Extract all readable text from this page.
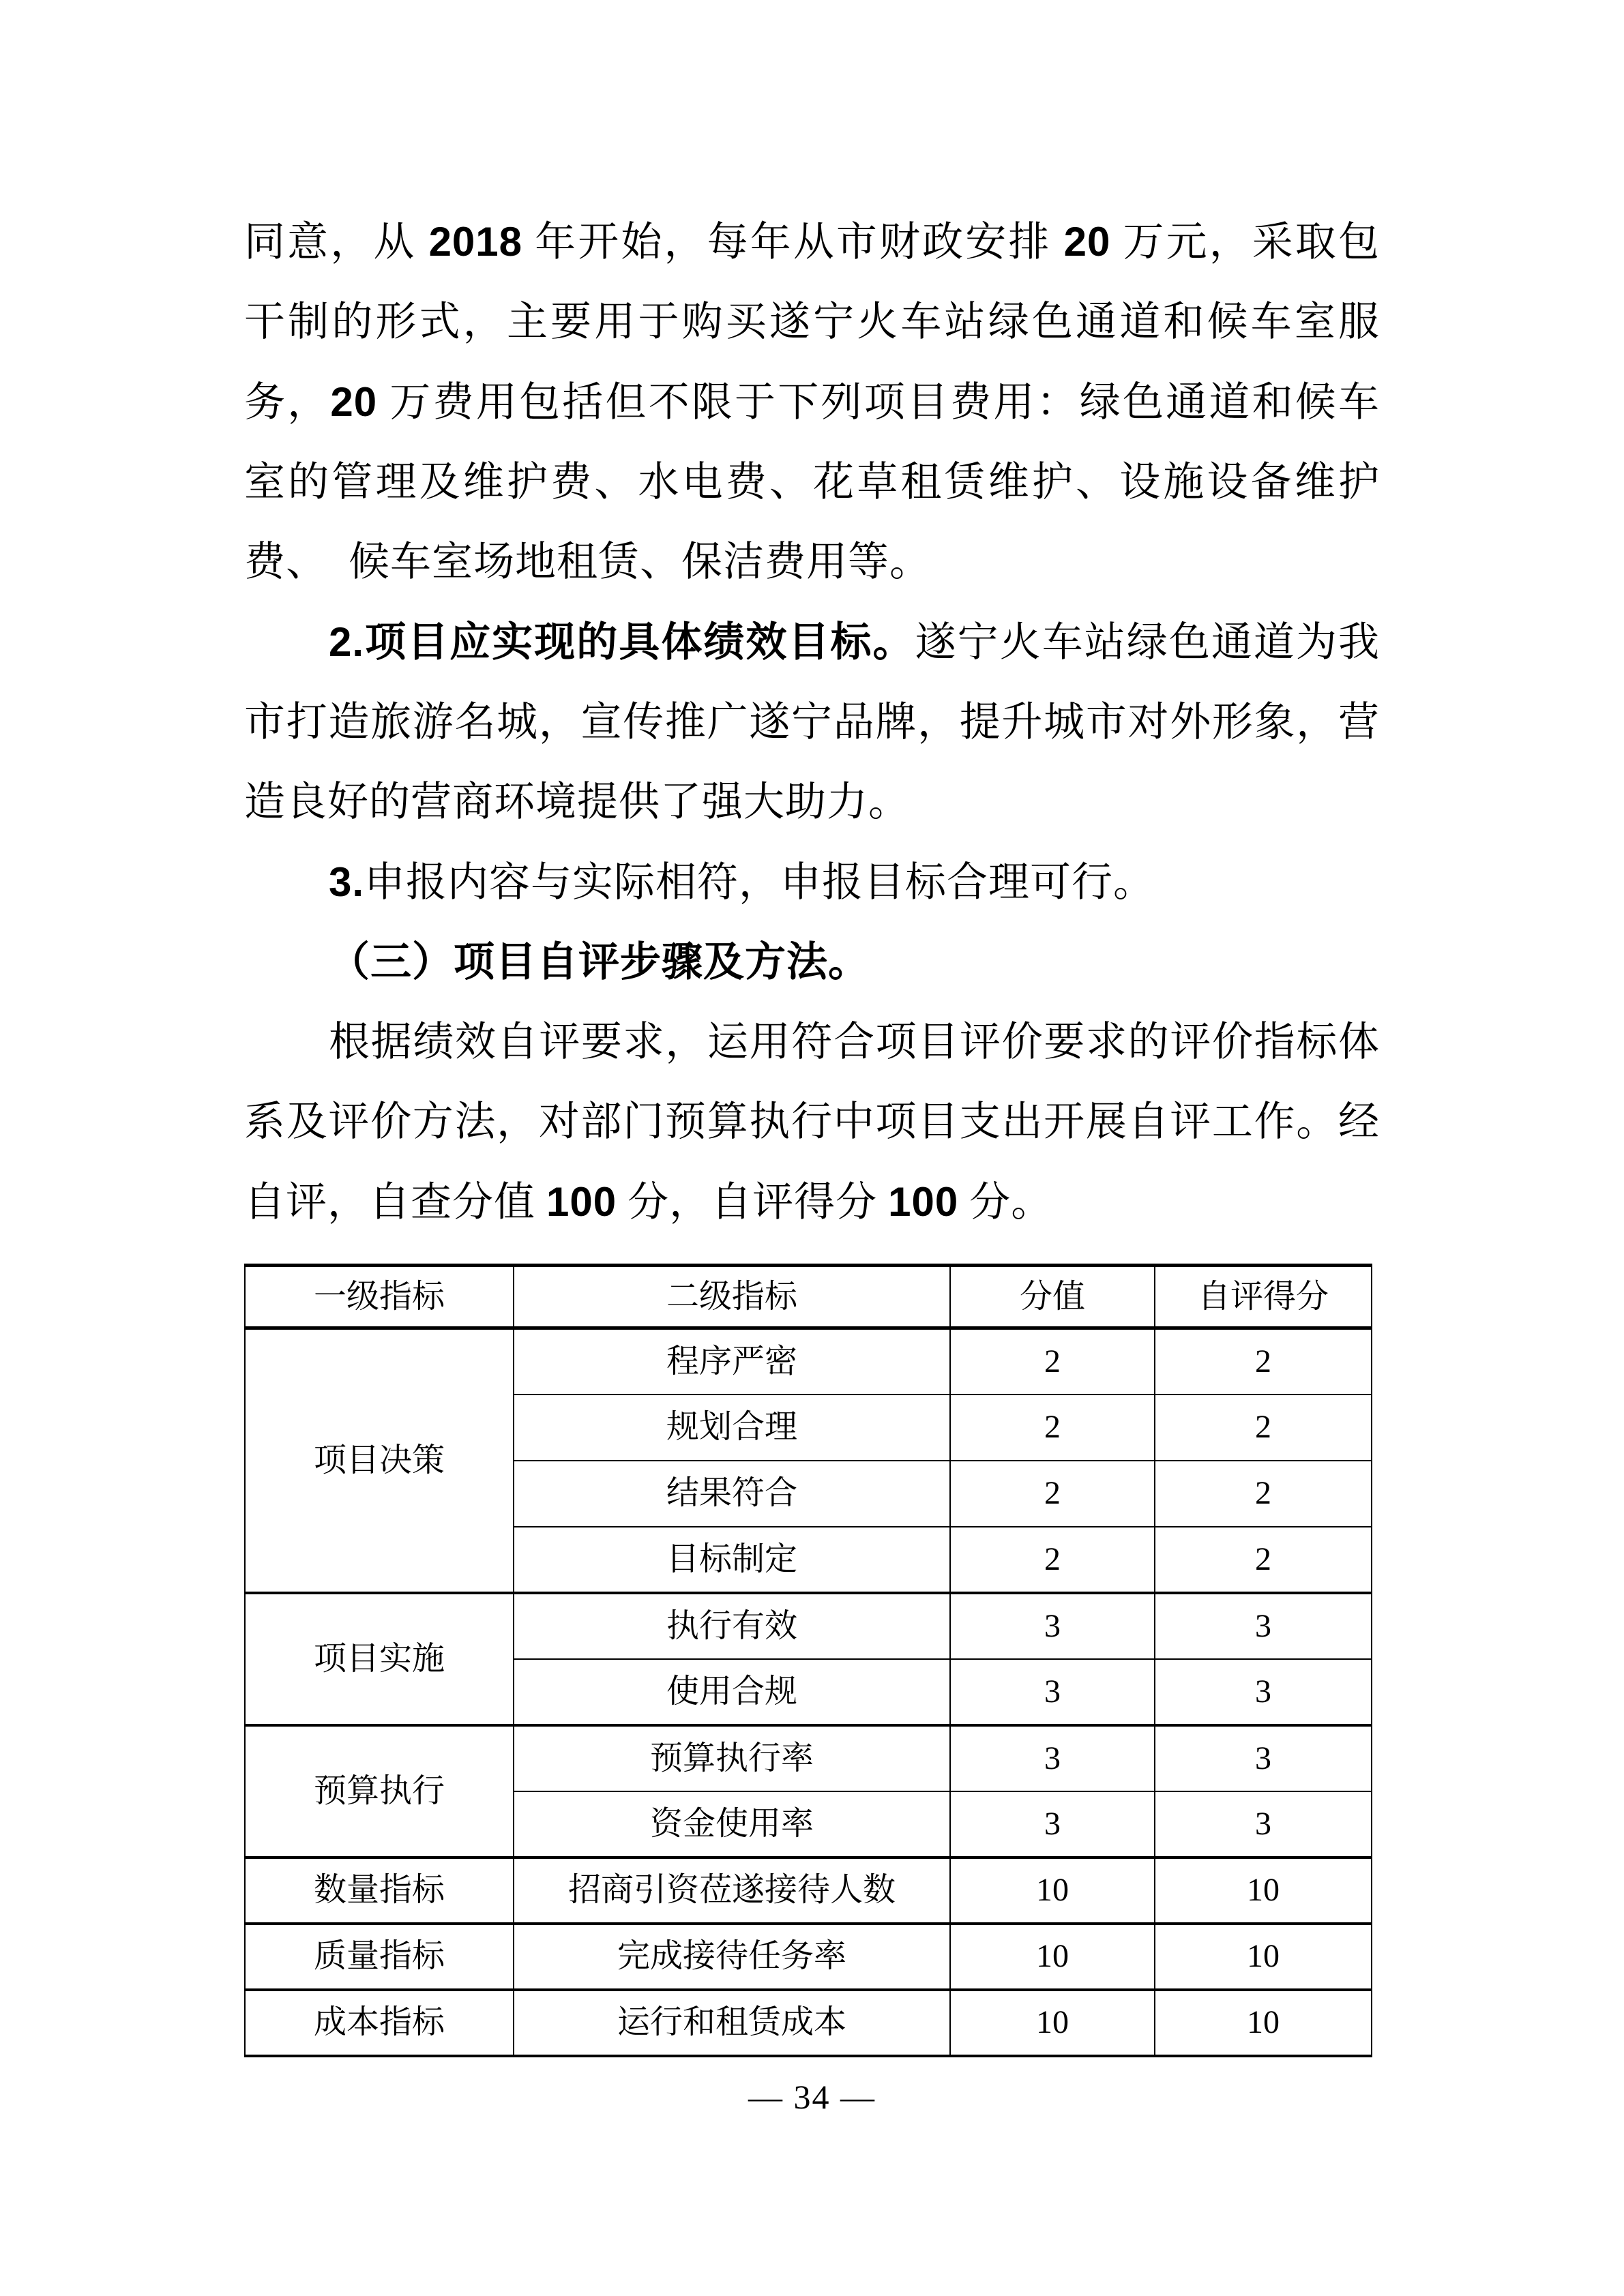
同意，从 2018 年开始，每年从市财政安排 20 万元，采取包干制的形式，主要用于购买遂宁火车站绿色通道和候车室服务，20 万费用包括但不限于下列项目费用：绿色通道和候车室的管理及维护费、水电费、花草租赁维护、设施设备维护费、　候车室场地租赁、保洁费用等。

2.项目应实现的具体绩效目标。遂宁火车站绿色通道为我市打造旅游名城，宣传推广遂宁品牌，提升城市对外形象，营造良好的营商环境提供了强大助力。

3.申报内容与实际相符，申报目标合理可行。

（三）项目自评步骤及方法。

根据绩效自评要求，运用符合项目评价要求的评价指标体系及评价方法，对部门预算执行中项目支出开展自评工作。经自评，自查分值 100 分，自评得分 100 分。

一级指标	二级指标	分值	自评得分
项目决策	程序严密	2	2
	规划合理	2	2
	结果符合	2	2
	目标制定	2	2
项目实施	执行有效	3	3
	使用合规	3	3
预算执行	预算执行率	3	3
	资金使用率	3	3
数量指标	招商引资莅遂接待人数	10	10
质量指标	完成接待任务率	10	10
成本指标	运行和租赁成本	10	10
— 34 —
